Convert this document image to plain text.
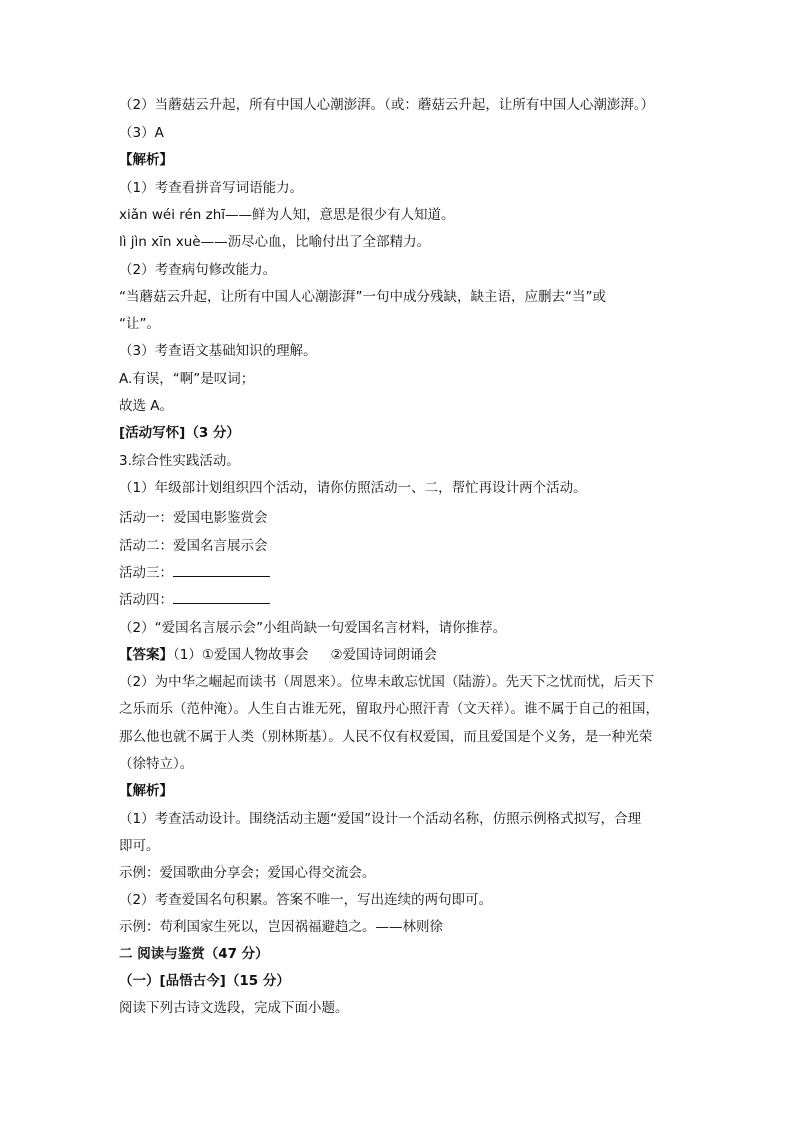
（2）当蘑菇云升起，所有中国人心潮澎湃。（或：蘑菇云升起，让所有中国人心潮澎湃。）
（3）A
【解析】
（1）考查看拼音写词语能力。
xiǎn wéi rén zhī——鲜为人知，意思是很少有人知道。
lì jìn xīn xuè——沥尽心血，比喻付出了全部精力。
（2）考查病句修改能力。
“当蘑菇云升起，让所有中国人心潮澎湃”一句中成分残缺，缺主语，应删去“当”或
“让”。
（3）考查语文基础知识的理解。
A.有误，“啊”是叹词；
故选 A。
[活动写怀]（3 分）
3.综合性实践活动。
（1）年级部计划组织四个活动，请你仿照活动一、二，帮忙再设计两个活动。
活动一：爱国电影鉴赏会
活动二：爱国名言展示会
活动三：
活动四：
（2）“爱国名言展示会”小组尚缺一句爱国名言材料，请你推荐。
【答案】（1）①爱国人物故事会 ②爱国诗词朗诵会
（2）为中华之崛起而读书（周恩来）。位卑未敢忘忧国（陆游）。先天下之忧而忧，后天下
之乐而乐（范仲淹）。人生自古谁无死，留取丹心照汗青（文天祥）。谁不属于自己的祖国，
那么他也就不属于人类（别林斯基）。人民不仅有权爱国，而且爱国是个义务，是一种光荣
（徐特立）。
【解析】
（1）考查活动设计。围绕活动主题“爱国”设计一个活动名称，仿照示例格式拟写，合理
即可。
示例：爱国歌曲分享会；爱国心得交流会。
（2）考查爱国名句积累。答案不唯一，写出连续的两句即可。
示例：苟利国家生死以，岂因祸福避趋之。——林则徐
二 阅读与鉴赏（47 分）
（一）[品悟古今]（15 分）
阅读下列古诗文选段，完成下面小题。
